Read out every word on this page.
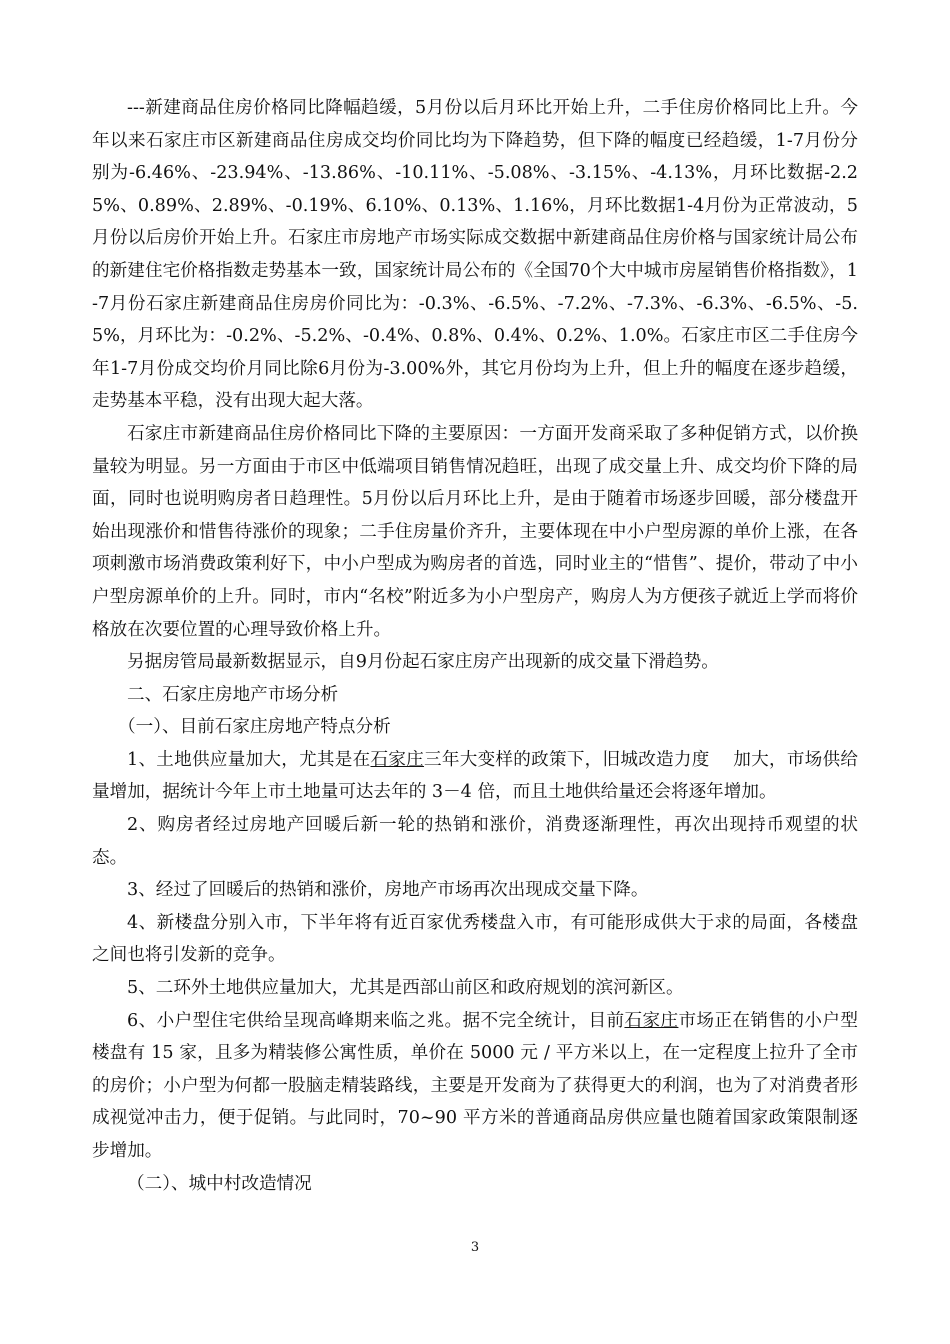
---新建商品住房价格同比降幅趋缓，5月份以后月环比开始上升，二手住房价格同比上升。今年以来石家庄市区新建商品住房成交均价同比均为下降趋势，但下降的幅度已经趋缓，1-7月份分别为-6.46%、-23.94%、-13.86%、-10.11%、-5.08%、-3.15%、-4.13%，月环比数据-2.25%、0.89%、2.89%、-0.19%、6.10%、0.13%、1.16%，月环比数据1-4月份为正常波动，5月份以后房价开始上升。石家庄市房地产市场实际成交数据中新建商品住房价格与国家统计局公布的新建住宅价格指数走势基本一致，国家统计局公布的《全国70个大中城市房屋销售价格指数》，1-7月份石家庄新建商品住房房价同比为：-0.3%、-6.5%、-7.2%、-7.3%、-6.3%、-6.5%、-5.5%，月环比为：-0.2%、-5.2%、-0.4%、0.8%、0.4%、0.2%、1.0%。石家庄市区二手住房今年1-7月份成交均价月同比除6月份为-3.00%外，其它月份均为上升，但上升的幅度在逐步趋缓，走势基本平稳，没有出现大起大落。

石家庄市新建商品住房价格同比下降的主要原因：一方面开发商采取了多种促销方式，以价换量较为明显。另一方面由于市区中低端项目销售情况趋旺，出现了成交量上升、成交均价下降的局面，同时也说明购房者日趋理性。5月份以后月环比上升，是由于随着市场逐步回暖，部分楼盘开始出现涨价和惜售待涨价的现象；二手住房量价齐升，主要体现在中小户型房源的单价上涨，在各项刺激市场消费政策利好下，中小户型成为购房者的首选，同时业主的“惜售”、提价，带动了中小户型房源单价的上升。同时，市内“名校”附近多为小户型房产，购房人为方便孩子就近上学而将价格放在次要位置的心理导致价格上升。

另据房管局最新数据显示，自9月份起石家庄房产出现新的成交量下滑趋势。

二、石家庄房地产市场分析

（一）、目前石家庄房地产特点分析

1、土地供应量加大，尤其是在石家庄三年大变样的政策下，旧城改造力度　 加大，市场供给量增加，据统计今年上市土地量可达去年的 3－4 倍，而且土地供给量还会将逐年增加。

2、购房者经过房地产回暖后新一轮的热销和涨价，消费逐渐理性，再次出现持币观望的状态。

3、经过了回暖后的热销和涨价，房地产市场再次出现成交量下降。

4、新楼盘分别入市，下半年将有近百家优秀楼盘入市，有可能形成供大于求的局面，各楼盘之间也将引发新的竞争。

5、二环外土地供应量加大，尤其是西部山前区和政府规划的滨河新区。

6、小户型住宅供给呈现高峰期来临之兆。据不完全统计，目前石家庄市场正在销售的小户型楼盘有 15 家，且多为精装修公寓性质，单价在 5000 元 / 平方米以上，在一定程度上拉升了全市的房价；小户型为何都一股脑走精装路线，主要是开发商为了获得更大的利润，也为了对消费者形成视觉冲击力，便于促销。与此同时，70~90 平方米的普通商品房供应量也随着国家政策限制逐步增加。

（二）、城中村改造情况

3
